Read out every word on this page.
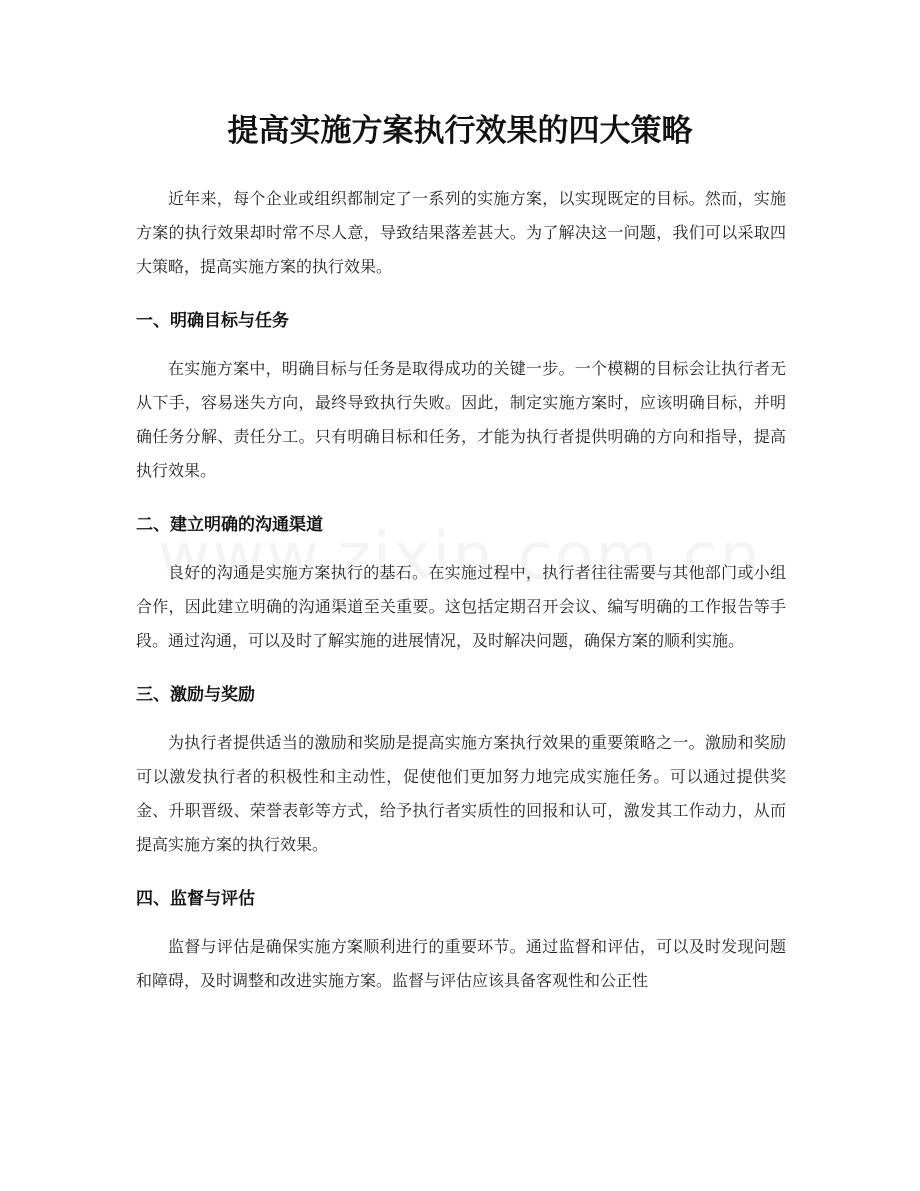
提高实施方案执行效果的四大策略

近年来，每个企业或组织都制定了一系列的实施方案，以实现既定的目标。然而，实施方案的执行效果却时常不尽人意，导致结果落差甚大。为了解决这一问题，我们可以采取四大策略，提高实施方案的执行效果。

一、明确目标与任务

在实施方案中，明确目标与任务是取得成功的关键一步。一个模糊的目标会让执行者无从下手，容易迷失方向，最终导致执行失败。因此，制定实施方案时，应该明确目标，并明确任务分解、责任分工。只有明确目标和任务，才能为执行者提供明确的方向和指导，提高执行效果。

二、建立明确的沟通渠道

良好的沟通是实施方案执行的基石。在实施过程中，执行者往往需要与其他部门或小组合作，因此建立明确的沟通渠道至关重要。这包括定期召开会议、编写明确的工作报告等手段。通过沟通，可以及时了解实施的进展情况，及时解决问题，确保方案的顺利实施。

三、激励与奖励

为执行者提供适当的激励和奖励是提高实施方案执行效果的重要策略之一。激励和奖励可以激发执行者的积极性和主动性，促使他们更加努力地完成实施任务。可以通过提供奖金、升职晋级、荣誉表彰等方式，给予执行者实质性的回报和认可，激发其工作动力，从而提高实施方案的执行效果。

四、监督与评估

监督与评估是确保实施方案顺利进行的重要环节。通过监督和评估，可以及时发现问题和障碍，及时调整和改进实施方案。监督与评估应该具备客观性和公正性
